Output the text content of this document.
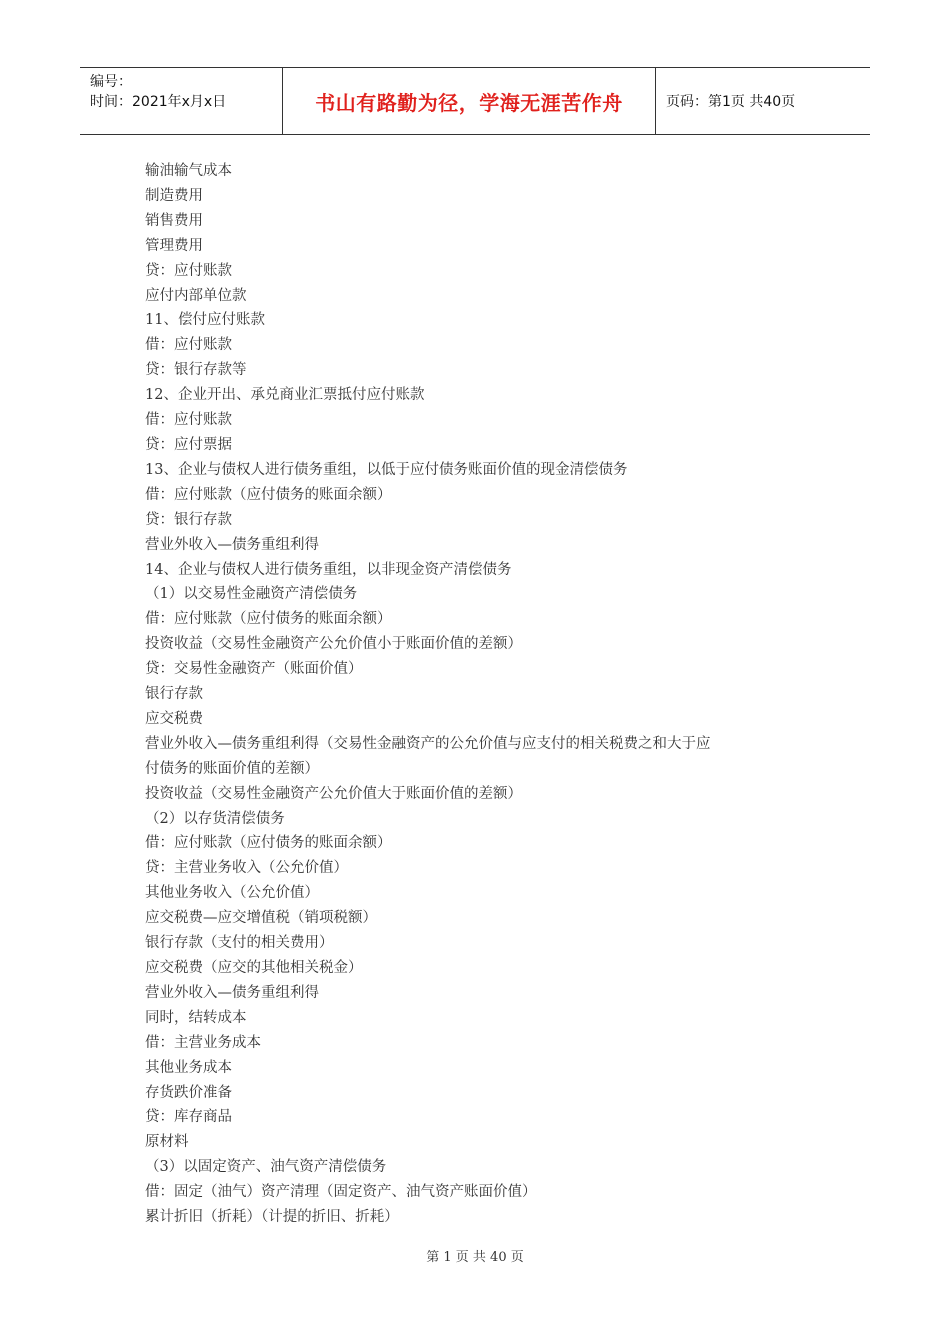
编号：
时间：2021年x月x日	书山有路勤为径，学海无涯苦作舟	页码：第1页 共40页
输油输气成本
制造费用
销售费用
管理费用
贷：应付账款
应付内部单位款
11、偿付应付账款
借：应付账款
贷：银行存款等
12、企业开出、承兑商业汇票抵付应付账款
借：应付账款
贷：应付票据
13、企业与债权人进行债务重组，以低于应付债务账面价值的现金清偿债务
借：应付账款（应付债务的账面余额）
贷：银行存款
营业外收入—债务重组利得
14、企业与债权人进行债务重组，以非现金资产清偿债务
（1）以交易性金融资产清偿债务
借：应付账款（应付债务的账面余额）
投资收益（交易性金融资产公允价值小于账面价值的差额）
贷：交易性金融资产（账面价值）
银行存款
应交税费
营业外收入—债务重组利得（交易性金融资产的公允价值与应支付的相关税费之和大于应
付债务的账面价值的差额）
投资收益（交易性金融资产公允价值大于账面价值的差额）
（2）以存货清偿债务
借：应付账款（应付债务的账面余额）
贷：主营业务收入（公允价值）
其他业务收入（公允价值）
应交税费—应交增值税（销项税额）
银行存款（支付的相关费用）
应交税费（应交的其他相关税金）
营业外收入—债务重组利得
同时，结转成本
借：主营业务成本
其他业务成本
存货跌价准备
贷：库存商品
原材料
（3）以固定资产、油气资产清偿债务
借：固定（油气）资产清理（固定资产、油气资产账面价值）
累计折旧（折耗）（计提的折旧、折耗）
第 1 页 共 40 页
